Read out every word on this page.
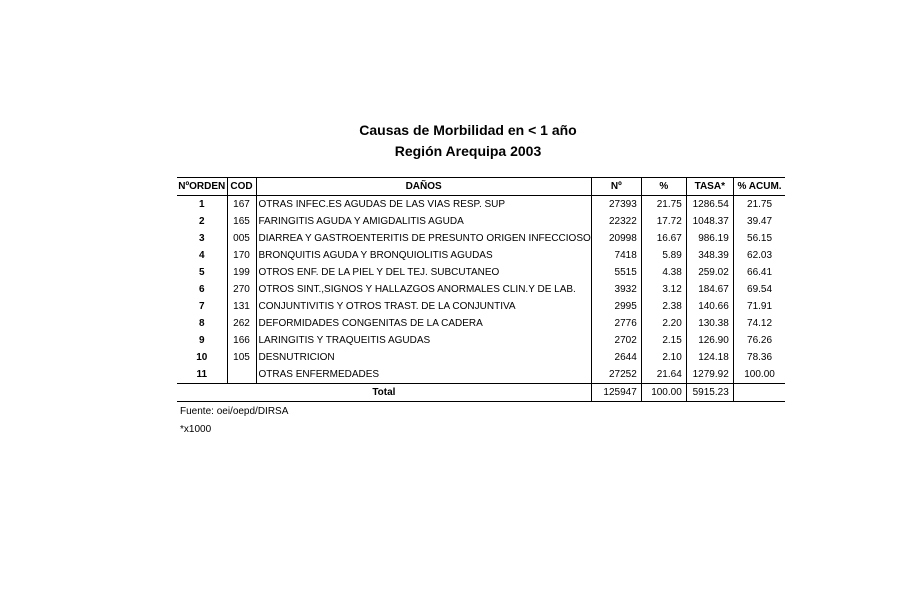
Causas de Morbilidad en < 1 año
Región Arequipa 2003
NºORDEN	COD	DAÑOS	Nº	%	TASA*	% ACUM.
1	167	OTRAS INFEC.ES AGUDAS DE LAS VIAS RESP. SUP	27393	21.75	1286.54	21.75
2	165	FARINGITIS AGUDA Y AMIGDALITIS AGUDA	22322	17.72	1048.37	39.47
3	005	DIARREA Y GASTROENTERITIS DE PRESUNTO ORIGEN INFECCIOSO	20998	16.67	986.19	56.15
4	170	BRONQUITIS AGUDA Y BRONQUIOLITIS AGUDAS	7418	5.89	348.39	62.03
5	199	OTROS ENF. DE LA PIEL Y DEL TEJ. SUBCUTANEO	5515	4.38	259.02	66.41
6	270	OTROS SINT.,SIGNOS Y HALLAZGOS ANORMALES CLIN.Y DE LAB.	3932	3.12	184.67	69.54
7	131	CONJUNTIVITIS Y OTROS TRAST. DE LA CONJUNTIVA	2995	2.38	140.66	71.91
8	262	DEFORMIDADES CONGENITAS DE LA CADERA	2776	2.20	130.38	74.12
9	166	LARINGITIS Y TRAQUEITIS AGUDAS	2702	2.15	126.90	76.26
10	105	DESNUTRICION	2644	2.10	124.18	78.36
11		OTRAS ENFERMEDADES	27252	21.64	1279.92	100.00
Total			125947	100.00	5915.23	
Fuente: oei/oepd/DIRSA
*x1000
